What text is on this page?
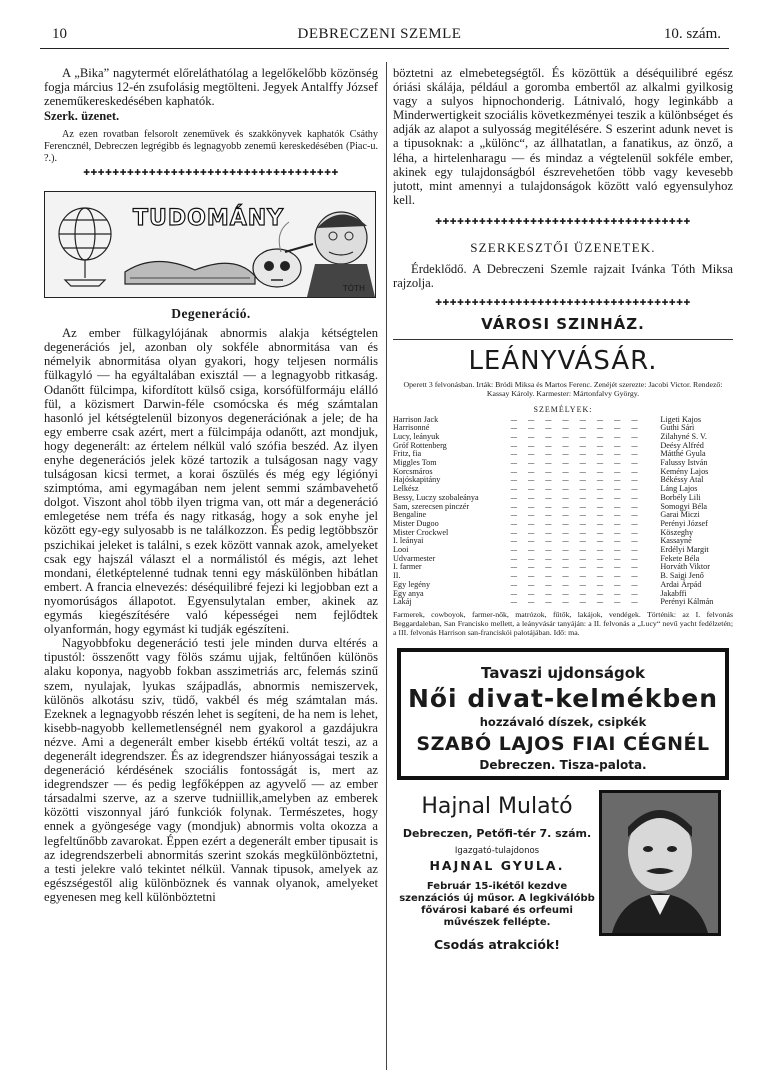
10	DEBRECZENI SZEMLE	10. szám.

A „Bika” nagytermét előreláthatólag a legelőkelőbb közönség fogja március 12-én zsufolásig megtölteni. Jegyek Antalffy József zeneműkereskedésében kaphatók.

Szerk. üzenet.

Az ezen rovatban felsorolt zeneművek és szakkönyvek kaphatók Csáthy Ferencznél, Debreczen legrégibb és legnagyobb zenemű kereskedésében (Piac-u. ?.).

✚✚✚✚✚✚✚✚✚✚✚✚✚✚✚✚✚✚✚✚✚✚✚✚✚✚✚✚✚✚✚✚✚✚✚
TUDOMÁNY
TÓTH
Degeneráció.

Az ember fülkagylójának abnormis alakja kétségtelen degenerációs jel, azonban oly sokféle abnormitása van és némelyik abnormitása olyan gyakori, hogy teljesen normális fülkagyló — ha egyáltalában exisztál — a legnagyobb ritkaság. Odanőtt fülcimpa, kifordított külső csiga, korsófülformáju elálló fül, a közismert Darwin-féle csomócska és még számtalan hasonló jel kétségtelenül bizonyos degenerációnak a jele; de ha egy emberre csak azért, mert a fülcimpája odanőtt, azt mondjuk, hogy degenerált: az értelem nélkül való szófia beszéd. Az ilyen enyhe degenerációs jelek közé tartozik a tulságosan nagy vagy tulságosan kicsi termet, a korai őszülés és még egy légiónyi szimptóma, ami egymagában nem jelent semmi számbavehető dolgot. Viszont ahol több ilyen trigma van, ott már a degeneráció emlegetése nem tréfa és nagy ritkaság, hogy a sok enyhe jel között egy-egy sulyosabb is ne találkozzon. És pedig legtöbbször pszichikai jeleket is találni, s ezek között vannak azok, amelyeket csak egy hajszál választ el a normálistól és mégis, azt lehet mondani, életképtelenné tudnak tenni egy máskülönben hibátlan embert. A francia elnevezés: déséquilibré fejezi ki legjobban ezt a nyomorúságos állapotot. Egyensulytalan ember, akinek az egymás kiegészítésére való képességei nem fejlődtek olyanformán, hogy egymást ki tudják egészíteni.

Nagyobbfoku degeneráció testi jele minden durva eltérés a tipustól: összenőtt vagy fölös számu ujjak, feltűnően különös alaku koponya, nagyobb fokban asszimetriás arc, felemás szinű szem, nyulajak, lyukas szájpadlás, abnormis nemiszervek, különös alkotásu sziv, tüdő, vakbél és még számtalan más. Ezeknek a legnagyobb részén lehet is segíteni, de ha nem is lehet, kisebb-nagyobb kellemetlenségnél nem gyakorol a gazdájukra nézve. Ami a degenerált ember kisebb értékű voltát teszi, az a degenerált idegrendszer. És az idegrendszer hiányosságai teszik a degeneráció kérdésének szociális fontosságát is, mert az idegrendszer — és pedig legfőképpen az agyvelő — az ember társadalmi szerve, az a szerve tudniillik,amelyben az emberek közötti viszonnyal járó funkciók folynak. Természetes, hogy ennek a gyöngesége vagy (mondjuk) abnormis volta okozza a legfeltűnőbb zavarokat. Éppen ezért a degenerált ember tipusait is az idegrendszerbeli abnormitás szerint szokás megkülönböztetni, a testi jelekre való tekintet nélkül. Vannak tipusok, amelyek az egészségestől alig különböznek és vannak olyanok, amelyeket egyenesen meg kell különböztetni

böztetni az elmebetegségtől. És közöttük a déséquilibré egész óriási skálája, például a goromba embertől az alkalmi gyilkosig vagy a sulyos hipnochonderig. Látnivaló, hogy leginkább a Minderwertigkeit szociális következményei teszik a különbséget és adják az alapot a sulyosság megitélésére. S eszerint adunk nevet is a tipusoknak: a „különc“, az állhatatlan, a fanatikus, az önző, a léha, a hirtelenharagu — és mindaz a végtelenül sokféle ember, akinek egy tulajdonságból észrevehetően több vagy kevesebb jutott, mint amennyi a tulajdonságok között való egyensulyhoz kell.

✚✚✚✚✚✚✚✚✚✚✚✚✚✚✚✚✚✚✚✚✚✚✚✚✚✚✚✚✚✚✚✚✚✚✚
SZERKESZTŐI ÜZENETEK.

Érdeklődő. A Debreczeni Szemle rajzait Ivánka Tóth Miksa rajzolja.

✚✚✚✚✚✚✚✚✚✚✚✚✚✚✚✚✚✚✚✚✚✚✚✚✚✚✚✚✚✚✚✚✚✚✚
VÁROSI SZINHÁZ.
LEÁNYVÁSÁR.
Operett 3 felvonásban. Irták: Bródi Miksa és Martos Ferenc. Zenéjét szerezte: Jacobi Victor. Rendező: Kassay Károly. Karmester: Mártonfalvy György.
SZEMÉLYEK:
Harrison Jack	— — — — — — — —	Ligeti Kajos
Harrisonné	— — — — — — — —	Guthi Sári
Lucy, leányuk	— — — — — — — —	Zilahyné S. V.
Gróf Rottenberg	— — — — — — — —	Deésy Alfréd
Fritz, fia	— — — — — — — —	Mátthé Gyula
Miggles Tom	— — — — — — — —	Falussy István
Korcsmáros	— — — — — — — —	Kemény Lajos
Hajóskapitány	— — — — — — — —	Békéssy Atal
Lelkész	— — — — — — — —	Láng Lajos
Bessy, Luczy szobaleánya	— — — — — — — —	Borbély Lili
Sam, szerecsen pinczér	— — — — — — — —	Somogyi Béla
Bengaline	— — — — — — — —	Garai Miczi
Mister Dugoo	— — — — — — — —	Perényi József
Mister Crockwel	— — — — — — — —	Köszeghy
I. leányai	— — — — — — — —	Kassayné
Looi	— — — — — — — —	Erdélyi Margit
Udvarmester	— — — — — — — —	Fekete Béla
I. farmer	— — — — — — — —	Horváth Viktor
II.	— — — — — — — —	B. Saigi Jenő
Egy legény	— — — — — — — —	Ardai Árpád
Egy anya	— — — — — — — —	Jakabffi
Lakáj	— — — — — — — —	Perényi Kálmán
Farmerek, cowboyok, farmer-nők, matrózok, fűtők, lakájok, vendégek. Történik: az I. felvonás Beggardaleban, San Francisko mellett, a leányvásár tanyáján: a II. felvonás a „Lucy“ nevű yacht fedélzetén; a III. felvonás Harrison san-franciskói palotájában. Idő: ma.
Tavaszi ujdonságok
Női divat-kelmékben
hozzávaló díszek, csipkék
SZABÓ LAJOS FIAI CÉGNÉL
Debreczen. Tisza-palota.
Hajnal Mulató
Debreczen, Petőfi-tér 7. szám.
Igazgató-tulajdonos
HAJNAL GYULA.
Február 15-ikétől kezdve szenzációs új műsor. A legkiválóbb fővárosi kabaré és orfeumi művészek fellépte.
Csodás atrakciók!
